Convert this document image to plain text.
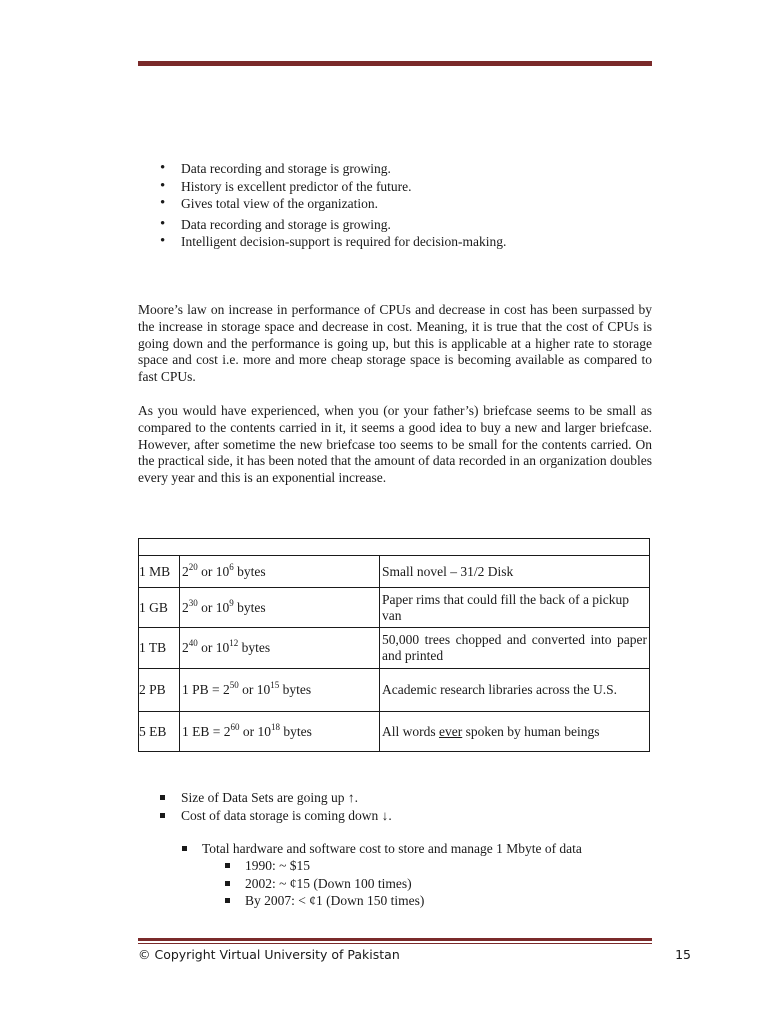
• Data recording and storage is growing.
• History is excellent predictor of the future.
• Gives total view of the organization.
• Data recording and storage is growing.
• Intelligent decision-support is required for decision-making.

Moore’s law on increase in performance of CPUs and decrease in cost has been surpassed by the increase in storage space and decrease in cost. Meaning, it is true that the cost of CPUs is going down and the performance is going up, but this is applicable at a higher rate to storage space and cost i.e. more and more cheap storage space is becoming available as compared to fast CPUs.

As you would have experienced, when you (or your father’s) briefcase seems to be small as compared to the contents carried in it, it seems a good idea to buy a new and larger briefcase. However, after sometime the new briefcase too seems to be small for the contents carried. On the practical side, it has been noted that the amount of data recorded in an organization doubles every year and this is an exponential increase.

1 MB	$2^{20}$ or $10^6$ bytes	Small novel – 31/2 Disk
1 GB	$2^{30}$ or $10^9$ bytes	Paper rims that could fill the back of a pickup van
1 TB	$2^{40}$ or $10^{12}$ bytes	50,000 trees chopped and converted into paper and printed
2 PB	1 PB = $2^{50}$ or $10^{15}$ bytes	Academic research libraries across the U.S.
5 EB	1 EB = $2^{60}$ or $10^{18}$ bytes	All words ever spoken by human beings
Size of Data Sets are going up ↑.
Cost of data storage is coming down ↓.
Total hardware and software cost to store and manage 1 Mbyte of data
1990: ~ $15
2002: ~ ¢15 (Down 100 times)
By 2007: < ¢1 (Down 150 times)
© Copyright Virtual University of Pakistan	15
